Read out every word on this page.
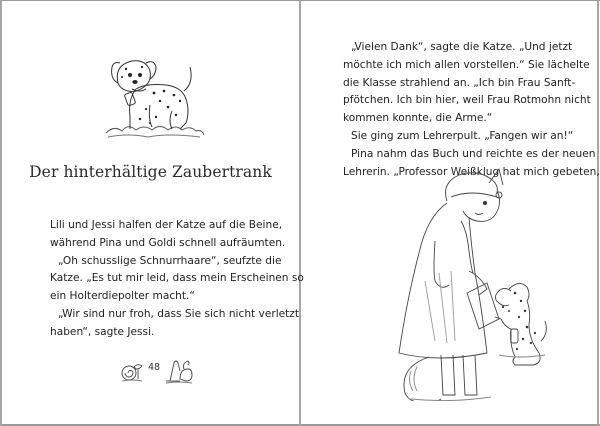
Der hinterhältige Zaubertrank
Lili und Jessi halfen der Katze auf die Beine,
während Pina und Goldi schnell aufräumten.
„Oh schusslige Schnurrhaare“, seufzte die
Katze. „Es tut mir leid, dass mein Erscheinen so
ein Holterdiepolter macht.“
„Wir sind nur froh, dass Sie sich nicht verletzt
haben“, sagte Jessi.
48
„Vielen Dank“, sagte die Katze. „Und jetzt
möchte ich mich allen vorstellen.“ Sie lächelte
die Klasse strahlend an. „Ich bin Frau Sanft-
pfötchen. Ich bin hier, weil Frau Rotmohn nicht
kommen konnte, die Arme.“
Sie ging zum Lehrerpult. „Fangen wir an!“
Pina nahm das Buch und reichte es der neuen
Lehrerin. „Professor Weißklug hat mich gebeten,
